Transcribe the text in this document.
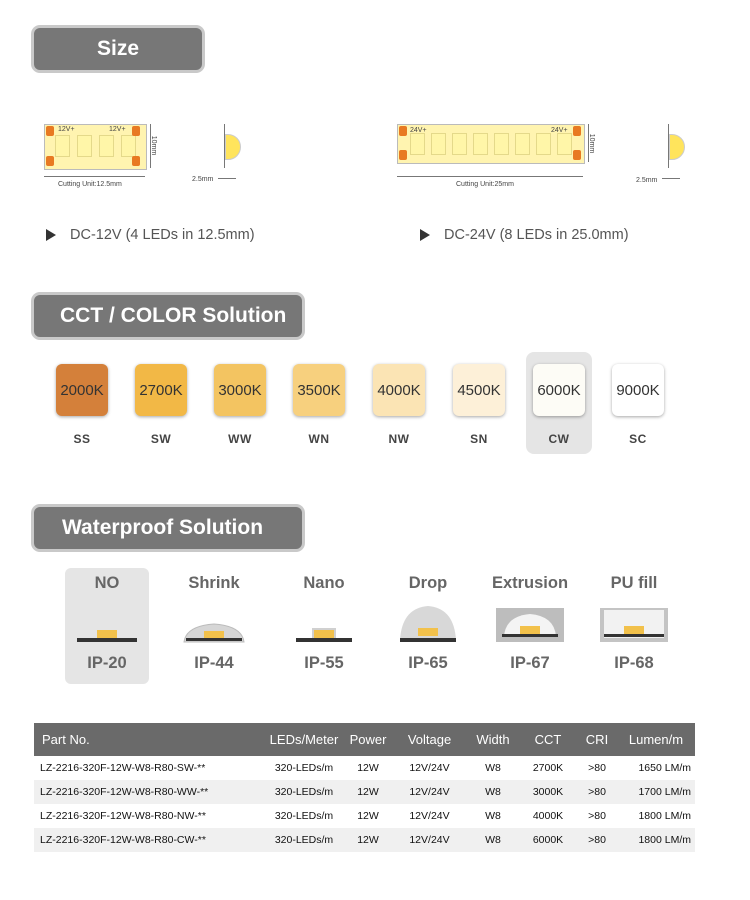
Size
12V+	12V+
Cutting Unit:12.5mm
10mm
2.5mm
24V+	24V+
Cutting Unit:25mm
10mm
2.5mm
DC-12V (4 LEDs in 12.5mm)	DC-24V (8 LEDs in 25.0mm)
CCT / COLOR Solution
2000K
SS
2700K
SW
3000K
WW
3500K
WN
4000K
NW
4500K
SN
6000K
CW
9000K
SC
Waterproof Solution
NO
IP-20
Shrink
IP-44
Nano
IP-55
Drop
IP-65
Extrusion
IP-67
PU fill
IP-68
Part No.	LEDs/Meter	Power	Voltage	Width	CCT	CRI	Lumen/m
LZ-2216-320F-12W-W8-R80-SW-**	320-LEDs/m	12W	12V/24V	W8	2700K	>80	1650 LM/m
LZ-2216-320F-12W-W8-R80-WW-**	320-LEDs/m	12W	12V/24V	W8	3000K	>80	1700 LM/m
LZ-2216-320F-12W-W8-R80-NW-**	320-LEDs/m	12W	12V/24V	W8	4000K	>80	1800 LM/m
LZ-2216-320F-12W-W8-R80-CW-**	320-LEDs/m	12W	12V/24V	W8	6000K	>80	1800 LM/m
